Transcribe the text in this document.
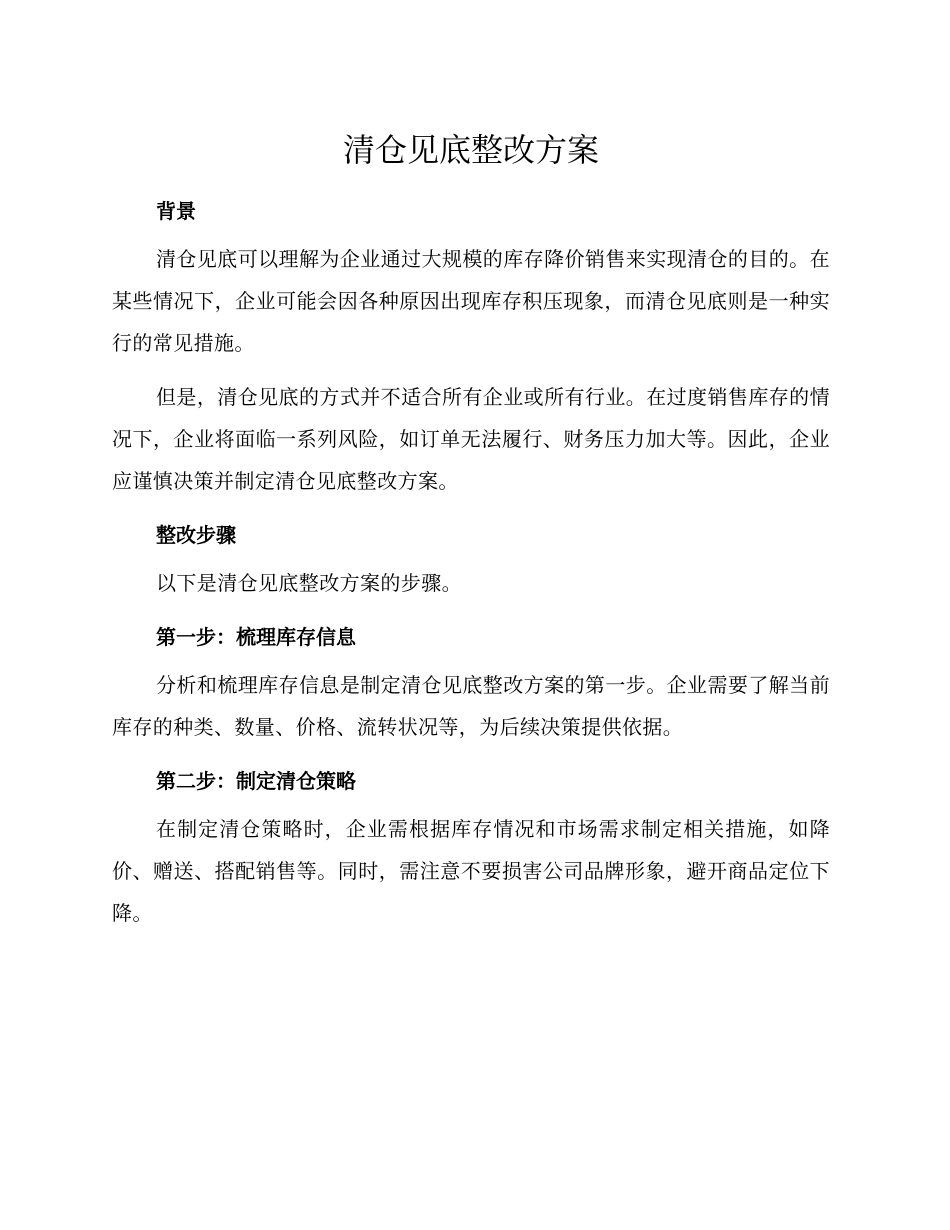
清仓见底整改方案
背景

清仓见底可以理解为企业通过大规模的库存降价销售来实现清仓的目的。在某些情况下，企业可能会因各种原因出现库存积压现象，而清仓见底则是一种实行的常见措施。

但是，清仓见底的方式并不适合所有企业或所有行业。在过度销售库存的情况下，企业将面临一系列风险，如订单无法履行、财务压力加大等。因此，企业应谨慎决策并制定清仓见底整改方案。

整改步骤

以下是清仓见底整改方案的步骤。

第一步：梳理库存信息

分析和梳理库存信息是制定清仓见底整改方案的第一步。企业需要了解当前库存的种类、数量、价格、流转状况等，为后续决策提供依据。

第二步：制定清仓策略

在制定清仓策略时，企业需根据库存情况和市场需求制定相关措施，如降价、赠送、搭配销售等。同时，需注意不要损害公司品牌形象，避开商品定位下降。
